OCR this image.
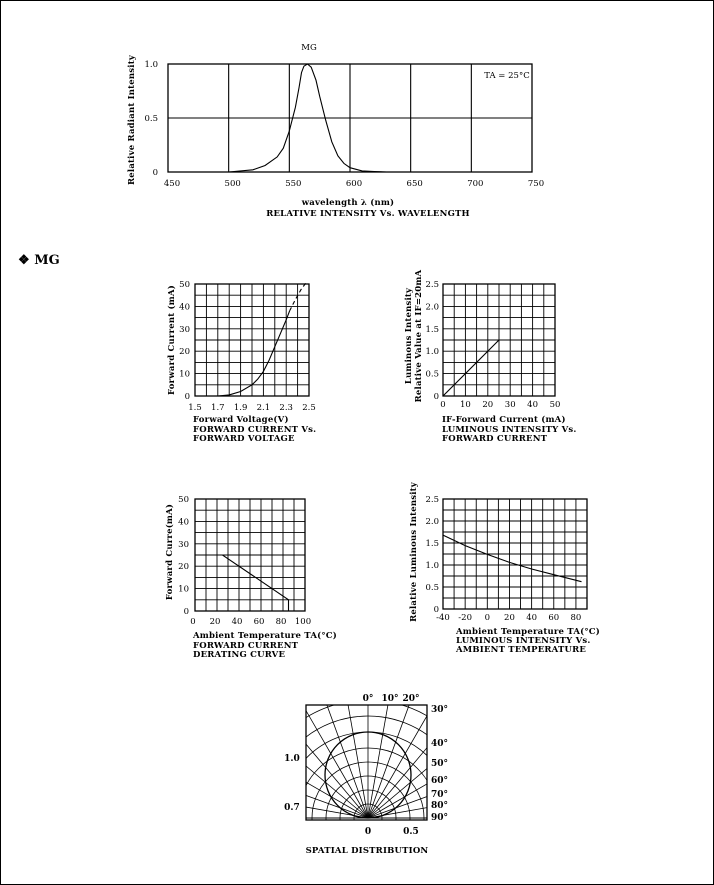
❖ MG
MG
450	500	550	600	650	700	750
0
0.5
1.0
Relative Radiant Intensity
wavelength λ (nm)
RELATIVE INTENSITY Vs. WAVELENGTH
TA = 25°C
1.5 1.7 1.9 2.1 2.3 2.5
0
10
20
30
40
50
Forward Current (mA)
Forward Voltage(V)
FORWARD CURRENT Vs.
FORWARD VOLTAGE
0 10 20 30 40 50
0
0.5
1.0
1.5
2.0
2.5
Luminous Intensity Relative Value at IF=20mA
IF-Forward Current (mA)
LUMINOUS INTENSITY Vs.
FORWARD CURRENT
0 20 40 60 80 100
0
10
20
30
40
50
Forward Curre(mA)
Ambient Temperature TA(°C)
FORWARD CURRENT
DERATING CURVE
-40 -20 0 20 40 60 80
0
0.5
1.0
1.5
2.0
2.5
Relative Luminous Intensity
Ambient Temperature TA(°C)
LUMINOUS INTENSITY Vs.
AMBIENT TEMPERATURE
0° 10° 20°
30°
40°
50°
60°
70°
80°
90°
1.0
0.7
0	0.5
SPATIAL DISTRIBUTION
